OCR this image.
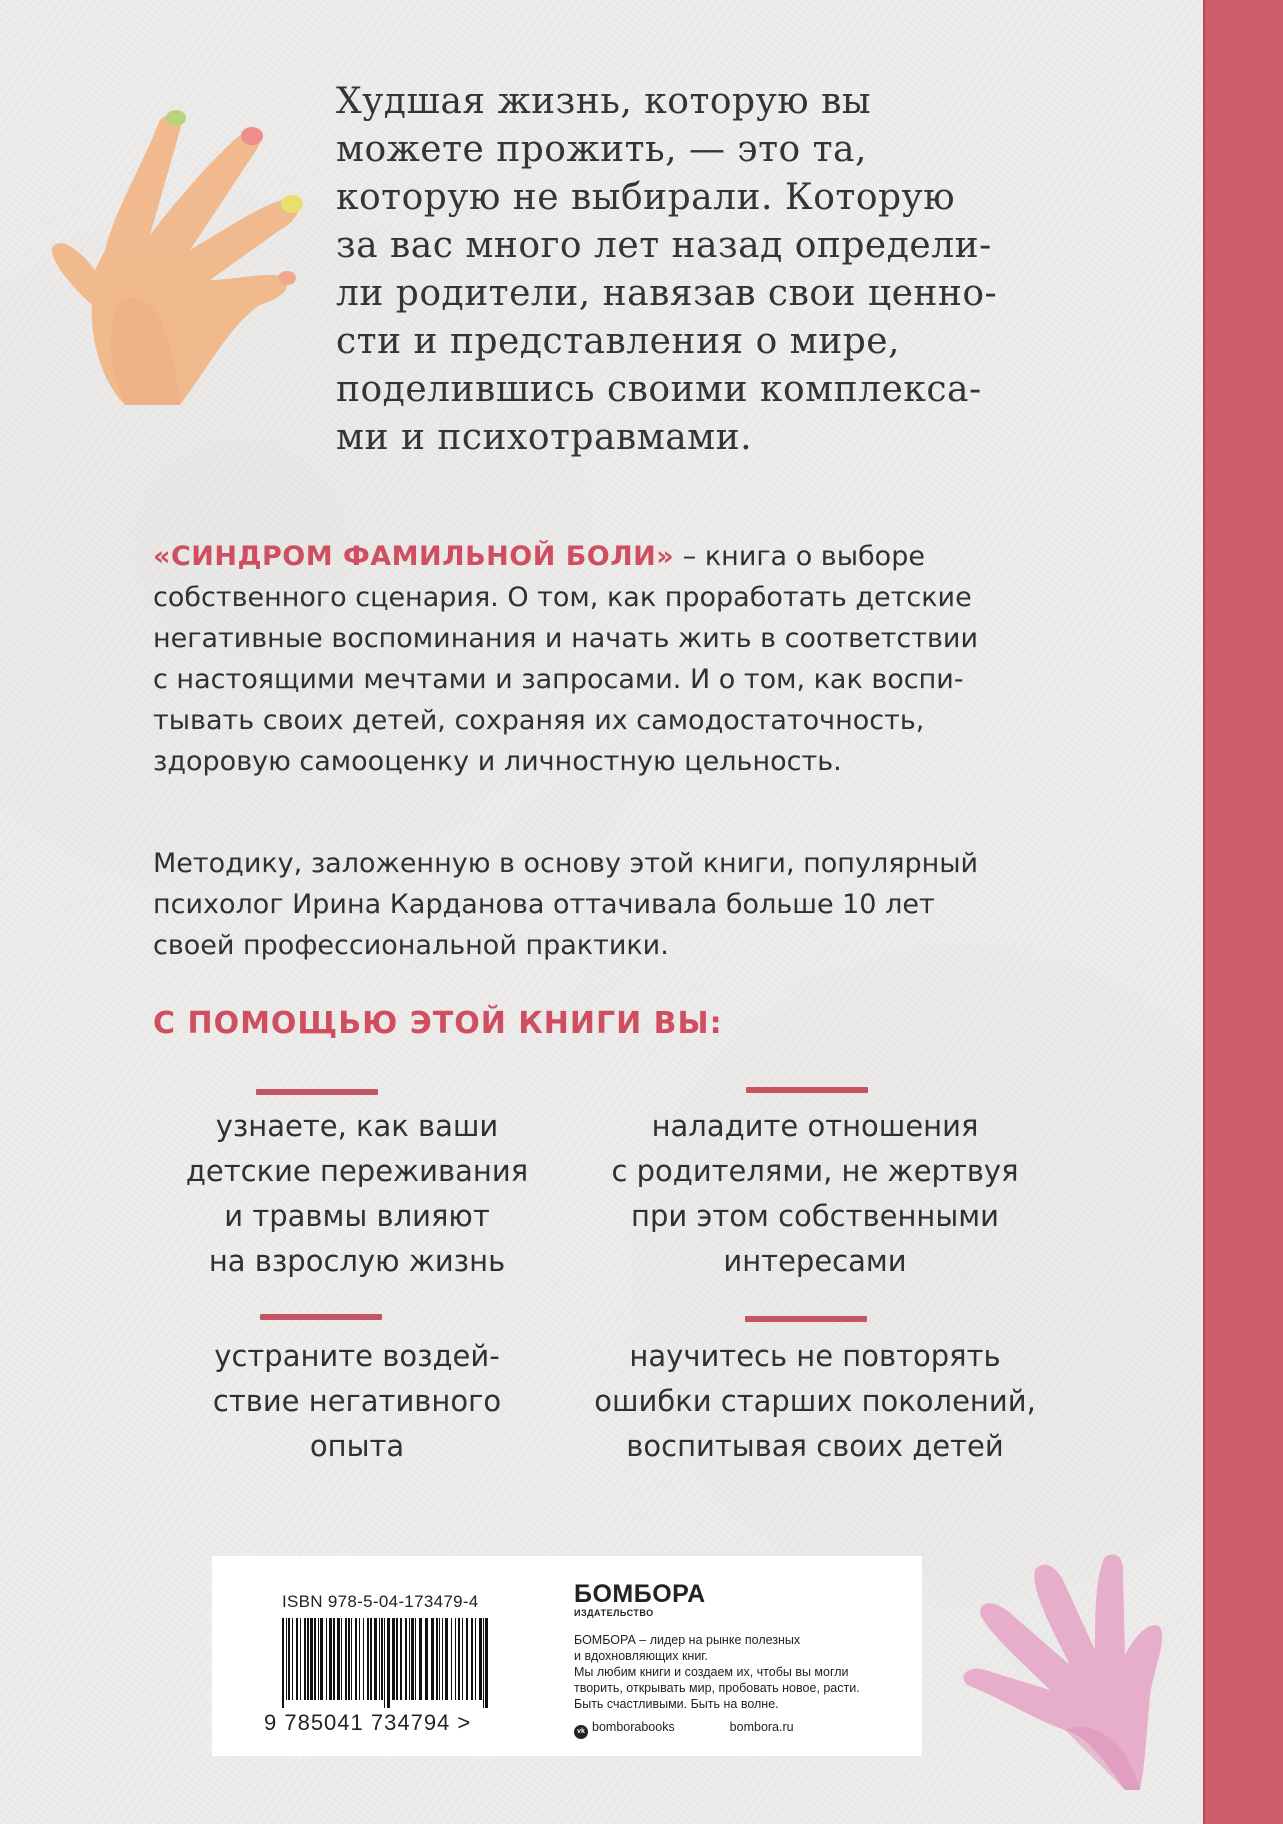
Худшая жизнь, которую вы
можете прожить, — это та,
которую не выбирали. Которую
за вас много лет назад определи-
ли родители, навязав свои ценно-
сти и представления о мире,
поделившись своими комплекса-
ми и психотравмами.
«СИНДРОМ ФАМИЛЬНОЙ БОЛИ» – книга о выборе
собственного сценария. О том, как проработать детские
негативные воспоминания и начать жить в соответствии
с настоящими мечтами и запросами. И о том, как воспи-
тывать своих детей, сохраняя их самодостаточность,
здоровую самооценку и личностную цельность.
Методику, заложенную в основу этой книги, популярный
психолог Ирина Карданова оттачивала больше 10 лет
своей профессиональной практики.
С ПОМОЩЬЮ ЭТОЙ КНИГИ ВЫ:
узнаете, как ваши
детские переживания
и травмы влияют
на взрослую жизнь
наладите отношения
с родителями, не жертвуя
при этом собственными
интересами
устраните воздей-
ствие негативного
опыта
научитесь не повторять
ошибки старших поколений,
воспитывая своих детей
ISBN 978-5-04-173479-4
9 785041 734794 >
БОМБОРА
ИЗДАТЕЛЬСТВО
БОМБОРА – лидер на рынке полезных
и вдохновляющих книг.
Мы любим книги и создаем их, чтобы вы могли
творить, открывать мир, пробовать новое, расти.
Быть счастливыми. Быть на волне.
vk bomborabooks	bombora.ru
